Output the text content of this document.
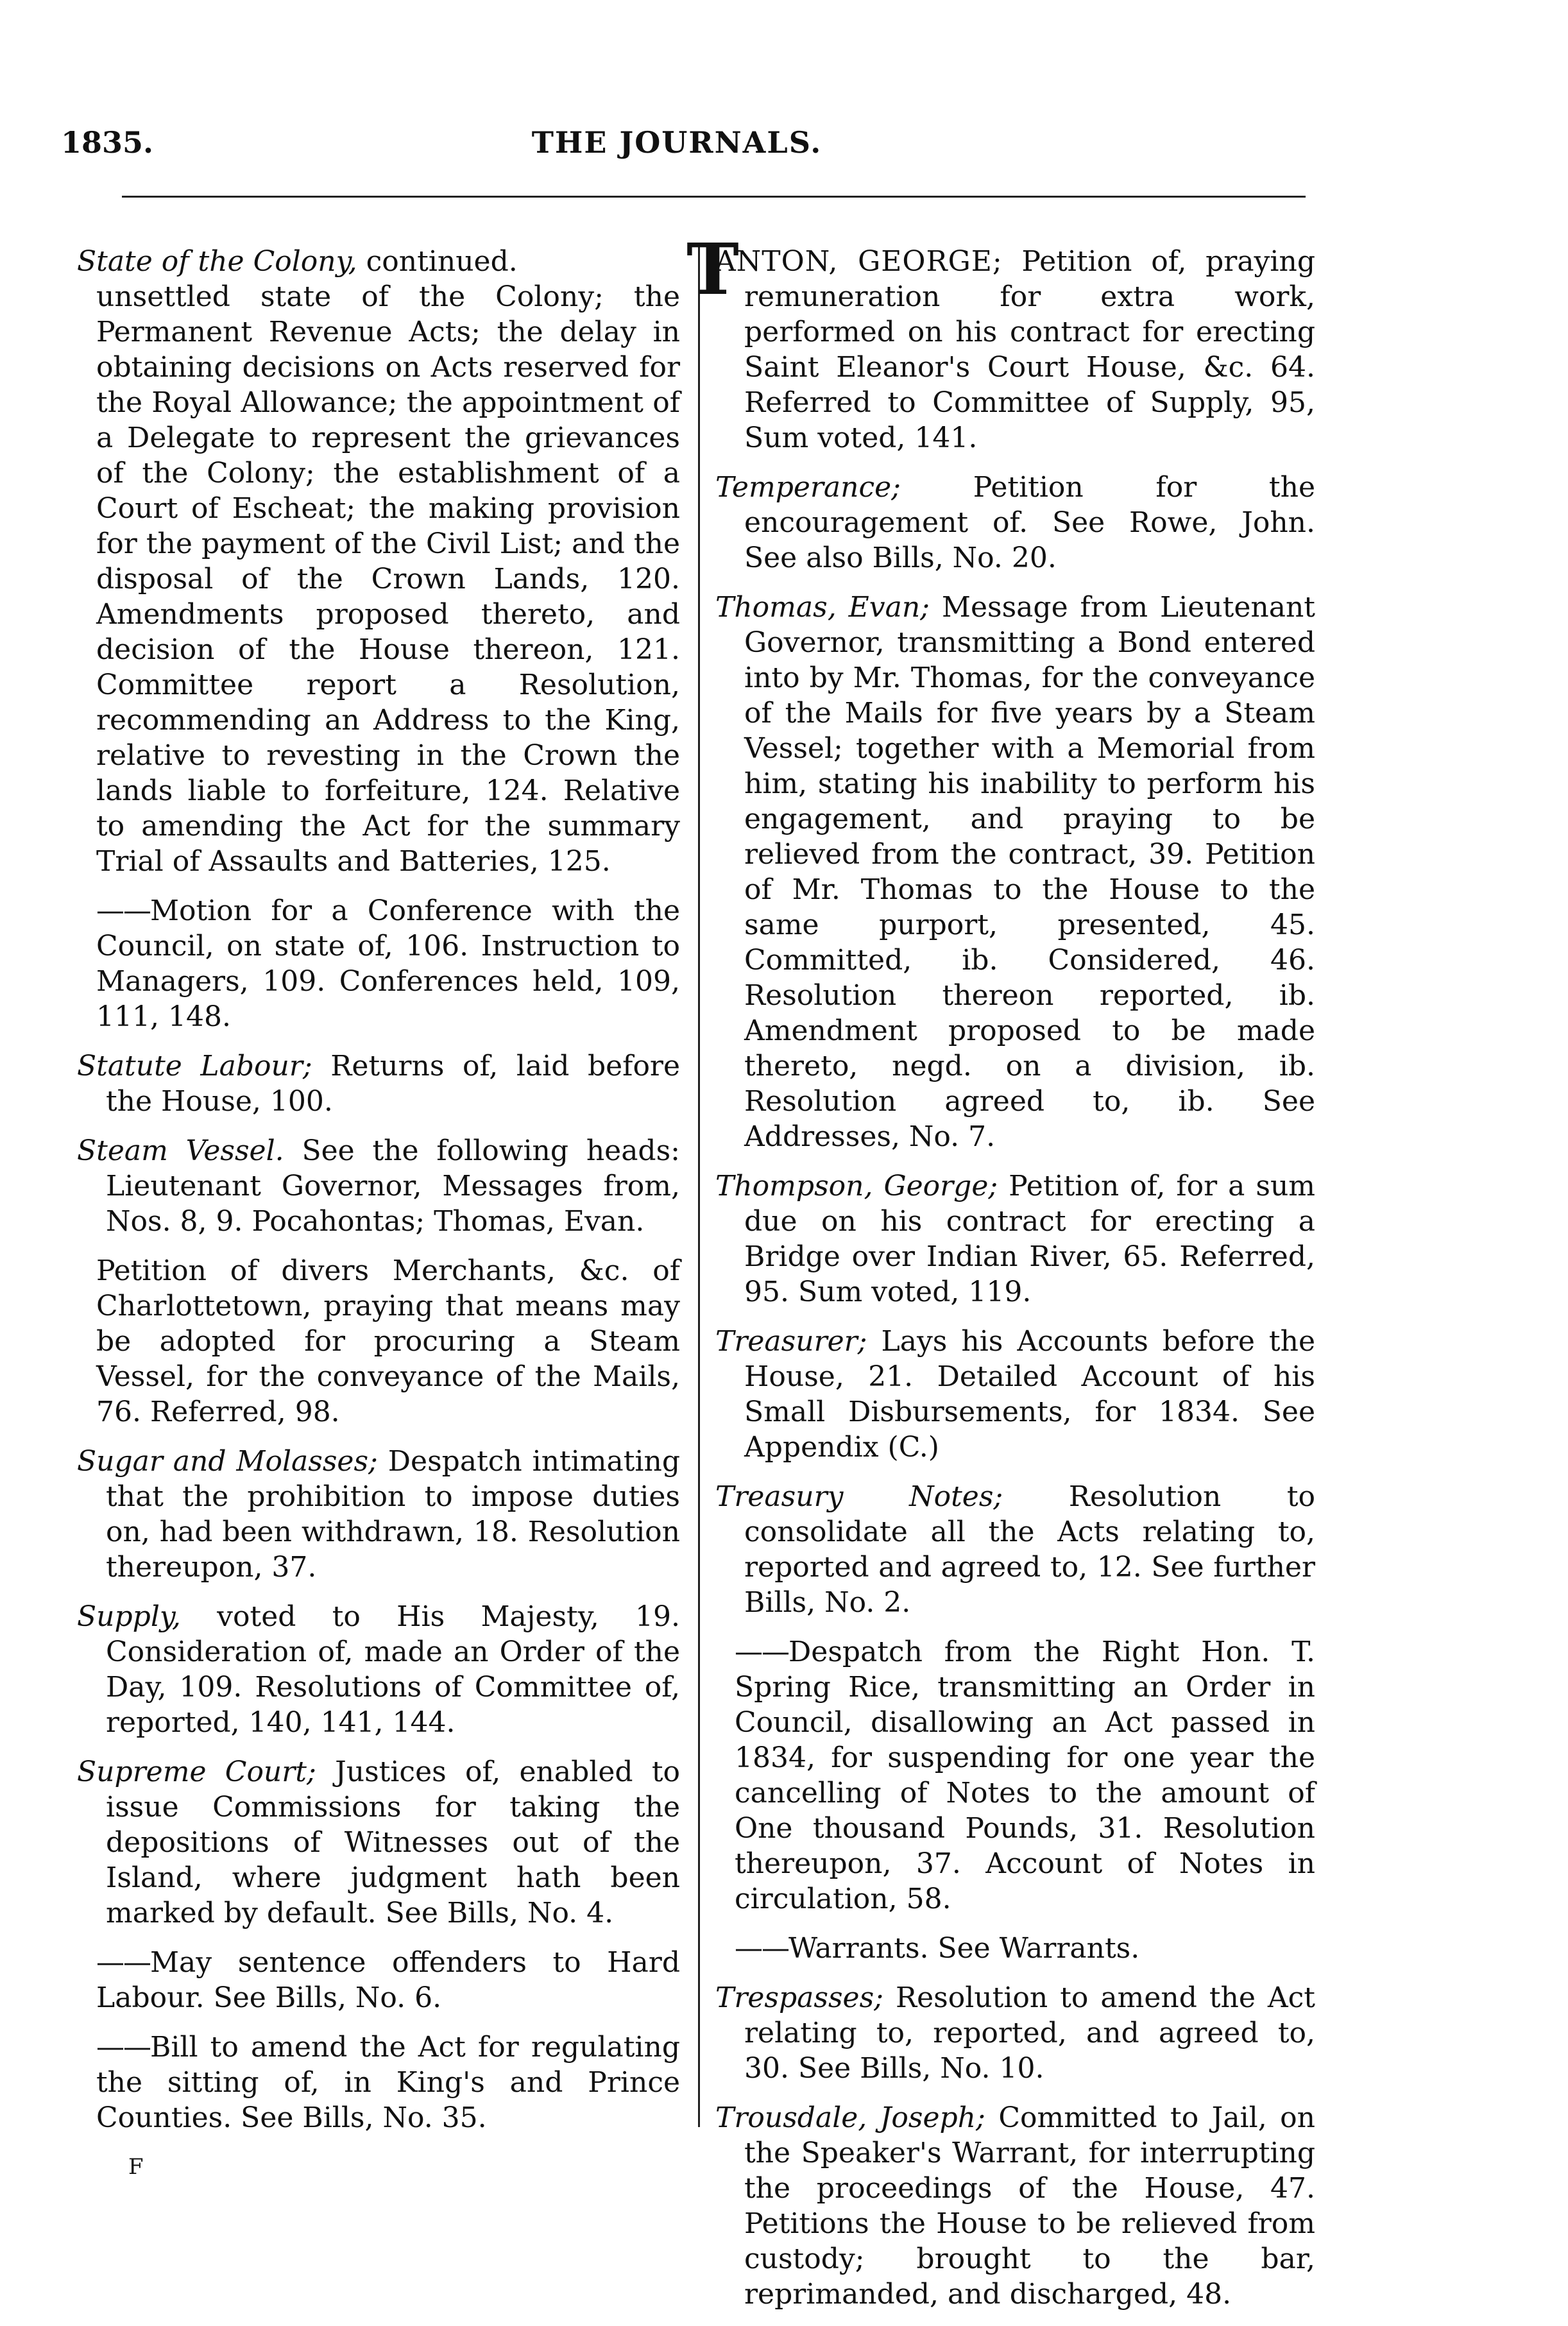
1835.	THE JOURNALS.

State of the Colony, continued.

unsettled state of the Colony; the Permanent Revenue Acts; the delay in obtaining decisions on Acts reserved for the Royal Allowance; the appointment of a Delegate to represent the grievances of the Colony; the establishment of a Court of Escheat; the making provision for the payment of the Civil List; and the disposal of the Crown Lands, 120. Amendments proposed thereto, and decision of the House thereon, 121. Committee report a Resolution, recommending an Address to the King, relative to revesting in the Crown the lands liable to forfeiture, 124. Relative to amending the Act for the summary Trial of Assaults and Batteries, 125.

——Motion for a Conference with the Council, on state of, 106. Instruction to Managers, 109. Conferences held, 109, 111, 148.

Statute Labour; Returns of, laid before the House, 100.

Steam Vessel. See the following heads: Lieutenant Governor, Messages from, Nos. 8, 9. Pocahontas; Thomas, Evan.

Petition of divers Merchants, &c. of Charlottetown, praying that means may be adopted for procuring a Steam Vessel, for the conveyance of the Mails, 76. Referred, 98.

Sugar and Molasses; Despatch intimating that the prohibition to impose duties on, had been withdrawn, 18. Resolution thereupon, 37.

Supply, voted to His Majesty, 19. Consideration of, made an Order of the Day, 109. Resolutions of Committee of, reported, 140, 141, 144.

Supreme Court; Justices of, enabled to issue Commissions for taking the depositions of Witnesses out of the Island, where judgment hath been marked by default. See Bills, No. 4.

——May sentence offenders to Hard Labour. See Bills, No. 6.

——Bill to amend the Act for regulating the sitting of, in King's and Prince Counties. See Bills, No. 35.

F

T
ANTON, GEORGE; Petition of, praying remuneration for extra work, performed on his contract for erecting Saint Eleanor's Court House, &c. 64. Referred to Committee of Supply, 95, Sum voted, 141.

Temperance; Petition for the encouragement of. See Rowe, John. See also Bills, No. 20.

Thomas, Evan; Message from Lieutenant Governor, transmitting a Bond entered into by Mr. Thomas, for the conveyance of the Mails for five years by a Steam Vessel; together with a Memorial from him, stating his inability to perform his engagement, and praying to be relieved from the contract, 39. Petition of Mr. Thomas to the House to the same purport, presented, 45. Committed, ib. Considered, 46. Resolution thereon reported, ib. Amendment proposed to be made thereto, negd. on a division, ib. Resolution agreed to, ib. See Addresses, No. 7.

Thompson, George; Petition of, for a sum due on his contract for erecting a Bridge over Indian River, 65. Referred, 95. Sum voted, 119.

Treasurer; Lays his Accounts before the House, 21. Detailed Account of his Small Disbursements, for 1834. See Appendix (C.)

Treasury Notes; Resolution to consolidate all the Acts relating to, reported and agreed to, 12. See further Bills, No. 2.

——Despatch from the Right Hon. T. Spring Rice, transmitting an Order in Council, disallowing an Act passed in 1834, for suspending for one year the cancelling of Notes to the amount of One thousand Pounds, 31. Resolution thereupon, 37. Account of Notes in circulation, 58.

——Warrants. See Warrants.

Trespasses; Resolution to amend the Act relating to, reported, and agreed to, 30. See Bills, No. 10.

Trousdale, Joseph; Committed to Jail, on the Speaker's Warrant, for interrupting the proceedings of the House, 47. Petitions the House to be relieved from custody; brought to the bar, reprimanded, and discharged, 48.
